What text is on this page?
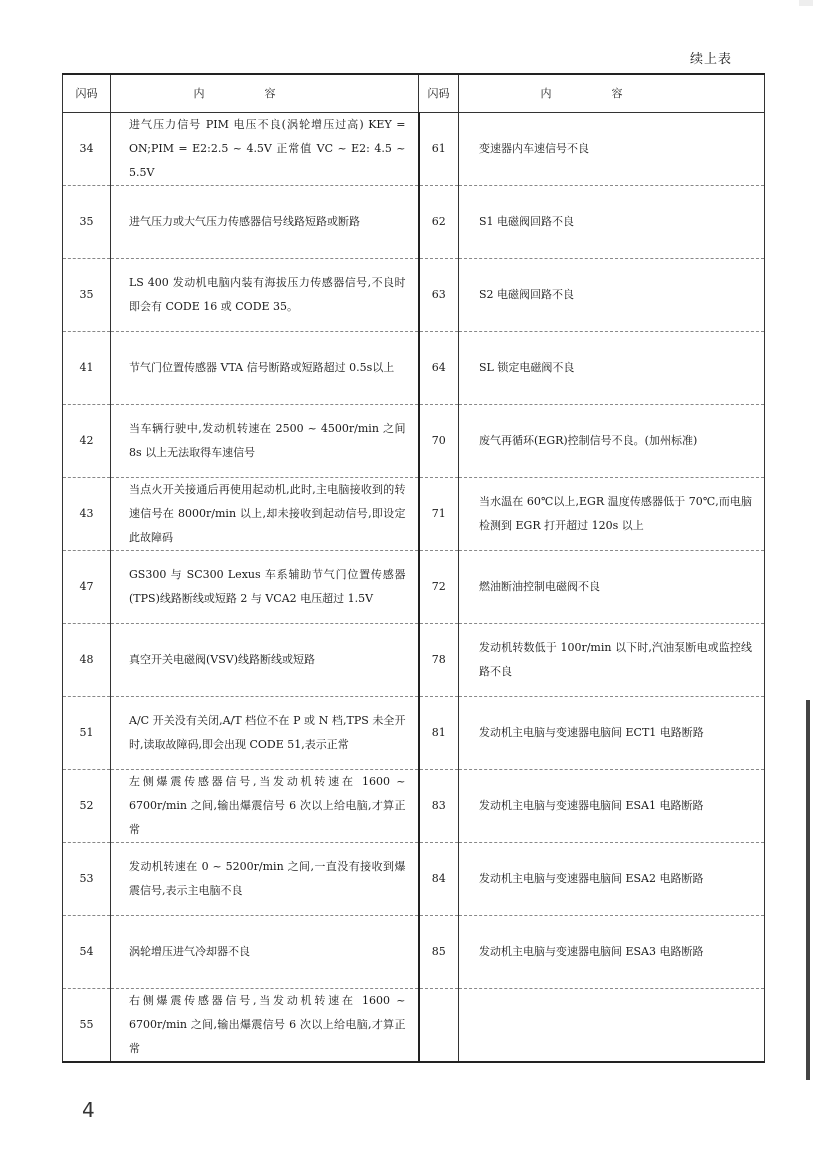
续上表
闪码	内容	闪码	内容
34	进气压力信号 PIM 电压不良(涡轮增压过高) KEY = ON;PIM = E2:2.5 ~ 4.5V 正常值 VC ~ E2: 4.5 ~ 5.5V	61	变速器内车速信号不良
35	进气压力或大气压力传感器信号线路短路或断路	62	S1 电磁阀回路不良
35	LS 400 发动机电脑内装有海拔压力传感器信号,不良时即会有 CODE 16 或 CODE 35。	63	S2 电磁阀回路不良
41	节气门位置传感器 VTA 信号断路或短路超过 0.5s以上	64	SL 锁定电磁阀不良
42	当车辆行驶中,发动机转速在 2500 ~ 4500r/min 之间 8s 以上无法取得车速信号	70	废气再循环(EGR)控制信号不良。(加州标准)
43	当点火开关接通后再使用起动机,此时,主电脑接收到的转速信号在 8000r/min 以上,却未接收到起动信号,即设定此故障码	71	当水温在 60℃以上,EGR 温度传感器低于 70℃,而电脑检测到 EGR 打开超过 120s 以上
47	GS300 与 SC300 Lexus 车系辅助节气门位置传感器(TPS)线路断线或短路 2 与 VCA2 电压超过 1.5V	72	燃油断油控制电磁阀不良
48	真空开关电磁阀(VSV)线路断线或短路	78	发动机转数低于 100r/min 以下时,汽油泵断电或监控线路不良
51	A/C 开关没有关闭,A/T 档位不在 P 或 N 档,TPS 未全开时,读取故障码,即会出现 CODE 51,表示正常	81	发动机主电脑与变速器电脑间 ECT1 电路断路
52	左侧爆震传感器信号,当发动机转速在 1600 ~ 6700r/min 之间,输出爆震信号 6 次以上给电脑,才算正常	83	发动机主电脑与变速器电脑间 ESA1 电路断路
53	发动机转速在 0 ~ 5200r/min 之间,一直没有接收到爆震信号,表示主电脑不良	84	发动机主电脑与变速器电脑间 ESA2 电路断路
54	涡轮增压进气冷却器不良	85	发动机主电脑与变速器电脑间 ESA3 电路断路
55	右侧爆震传感器信号,当发动机转速在 1600 ~ 6700r/min 之间,输出爆震信号 6 次以上给电脑,才算正常		
4
